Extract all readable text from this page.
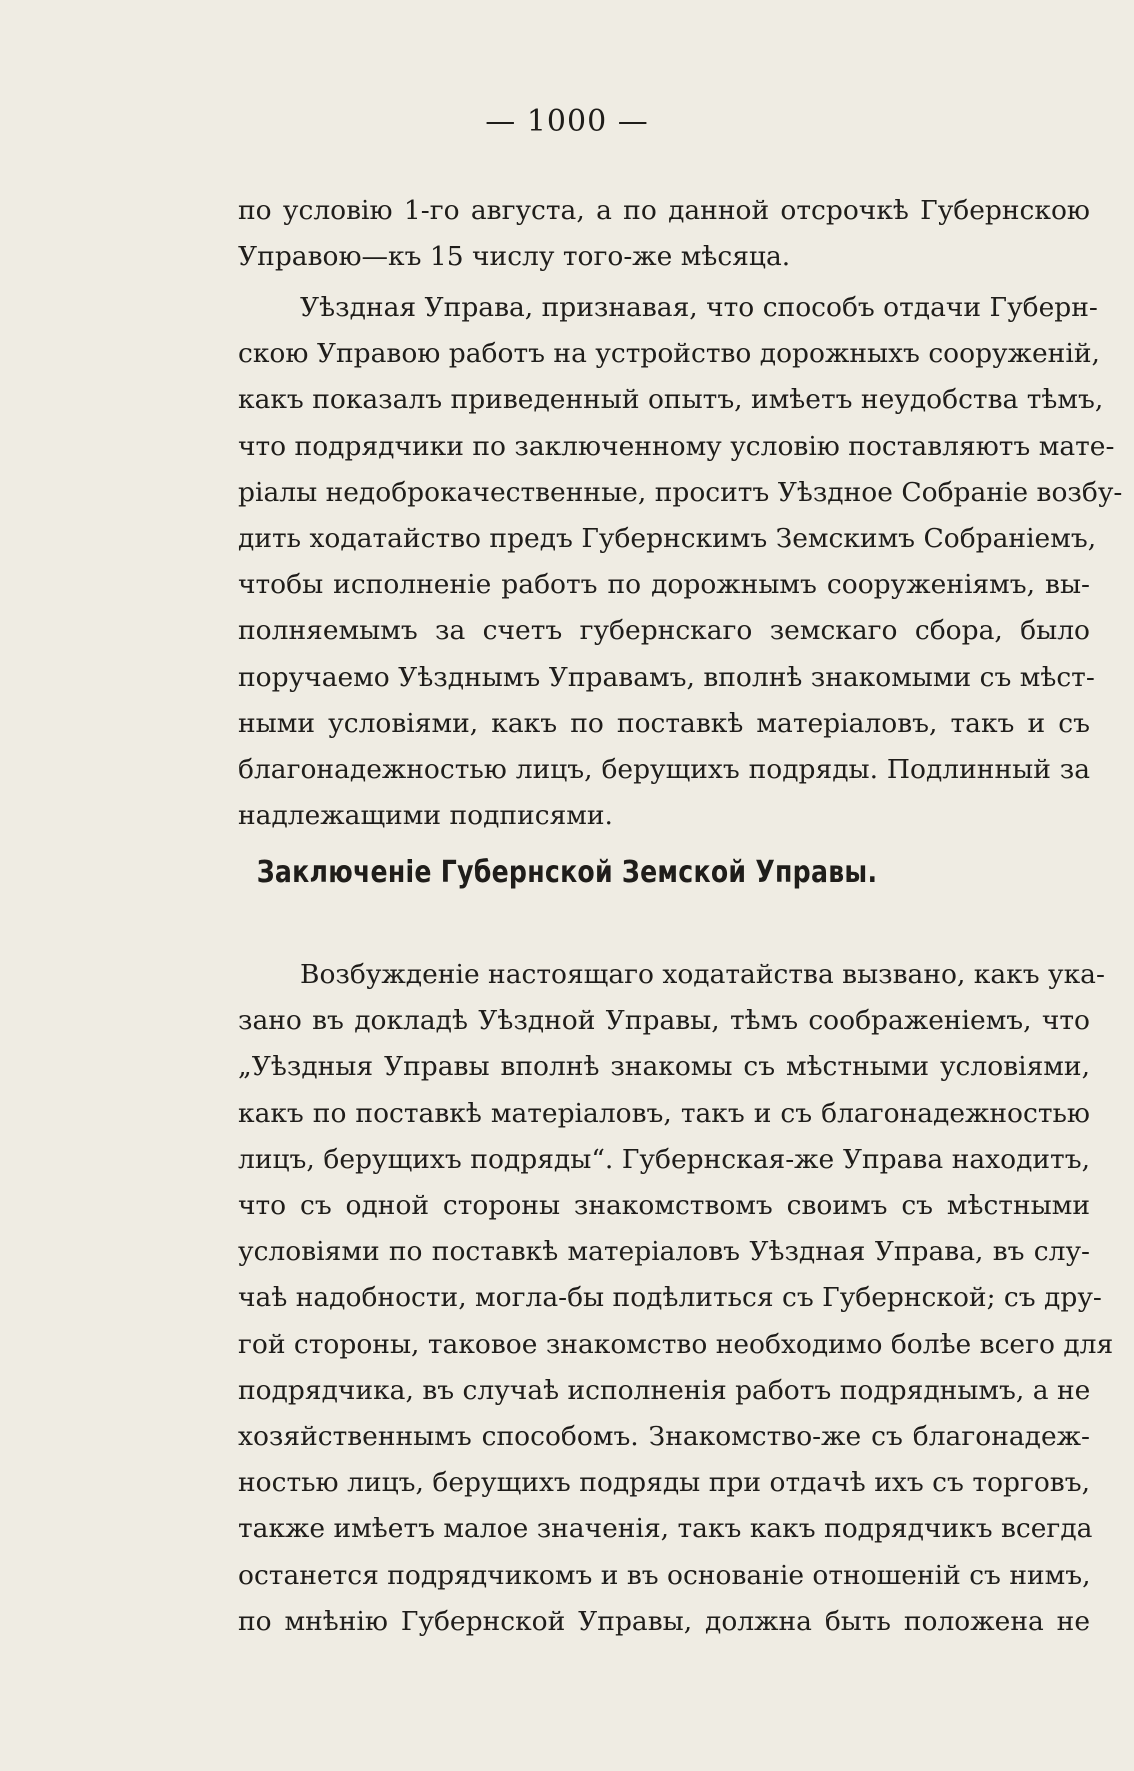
— 1000 —
по условію 1-го августа, а по данной отсрочкѣ Губернскою
Управою—къ 15 числу того-же мѣсяца.
Уѣздная Управа, признавая, что способъ отдачи Губерн-
скою Управою работъ на устройство дорожныхъ сооруженій,
какъ показалъ приведенный опытъ, имѣетъ неудобства тѣмъ,
что подрядчики по заключенному условію поставляютъ мате-
ріалы недоброкачественные, проситъ Уѣздное Собраніе возбу-
дить ходатайство предъ Губернскимъ Земскимъ Собраніемъ,
чтобы исполненіе работъ по дорожнымъ сооруженіямъ, вы-
полняемымъ за счетъ губернскаго земскаго сбора, было
поручаемо Уѣзднымъ Управамъ, вполнѣ знакомыми съ мѣст-
ными условіями, какъ по поставкѣ матеріаловъ, такъ и съ
благонадежностью лицъ, берущихъ подряды. Подлинный за
надлежащими подписями.
Заключеніе Губернской Земской Управы.
Возбужденіе настоящаго ходатайства вызвано, какъ ука-
зано въ докладѣ Уѣздной Управы, тѣмъ соображеніемъ, что
„Уѣздныя Управы вполнѣ знакомы съ мѣстными условіями,
какъ по поставкѣ матеріаловъ, такъ и съ благонадежностью
лицъ, берущихъ подряды“. Губернская-же Управа находитъ,
что съ одной стороны знакомствомъ своимъ съ мѣстными
условіями по поставкѣ матеріаловъ Уѣздная Управа, въ слу-
чаѣ надобности, могла-бы подѣлиться съ Губернской; съ дру-
гой стороны, таковое знакомство необходимо болѣе всего для
подрядчика, въ случаѣ исполненія работъ подряднымъ, а не
хозяйственнымъ способомъ. Знакомство-же съ благонадеж-
ностью лицъ, берущихъ подряды при отдачѣ ихъ съ торговъ,
также имѣетъ малое значенія, такъ какъ подрядчикъ всегда
останется подрядчикомъ и въ основаніе отношеній съ нимъ,
по мнѣнію Губернской Управы, должна быть положена не
